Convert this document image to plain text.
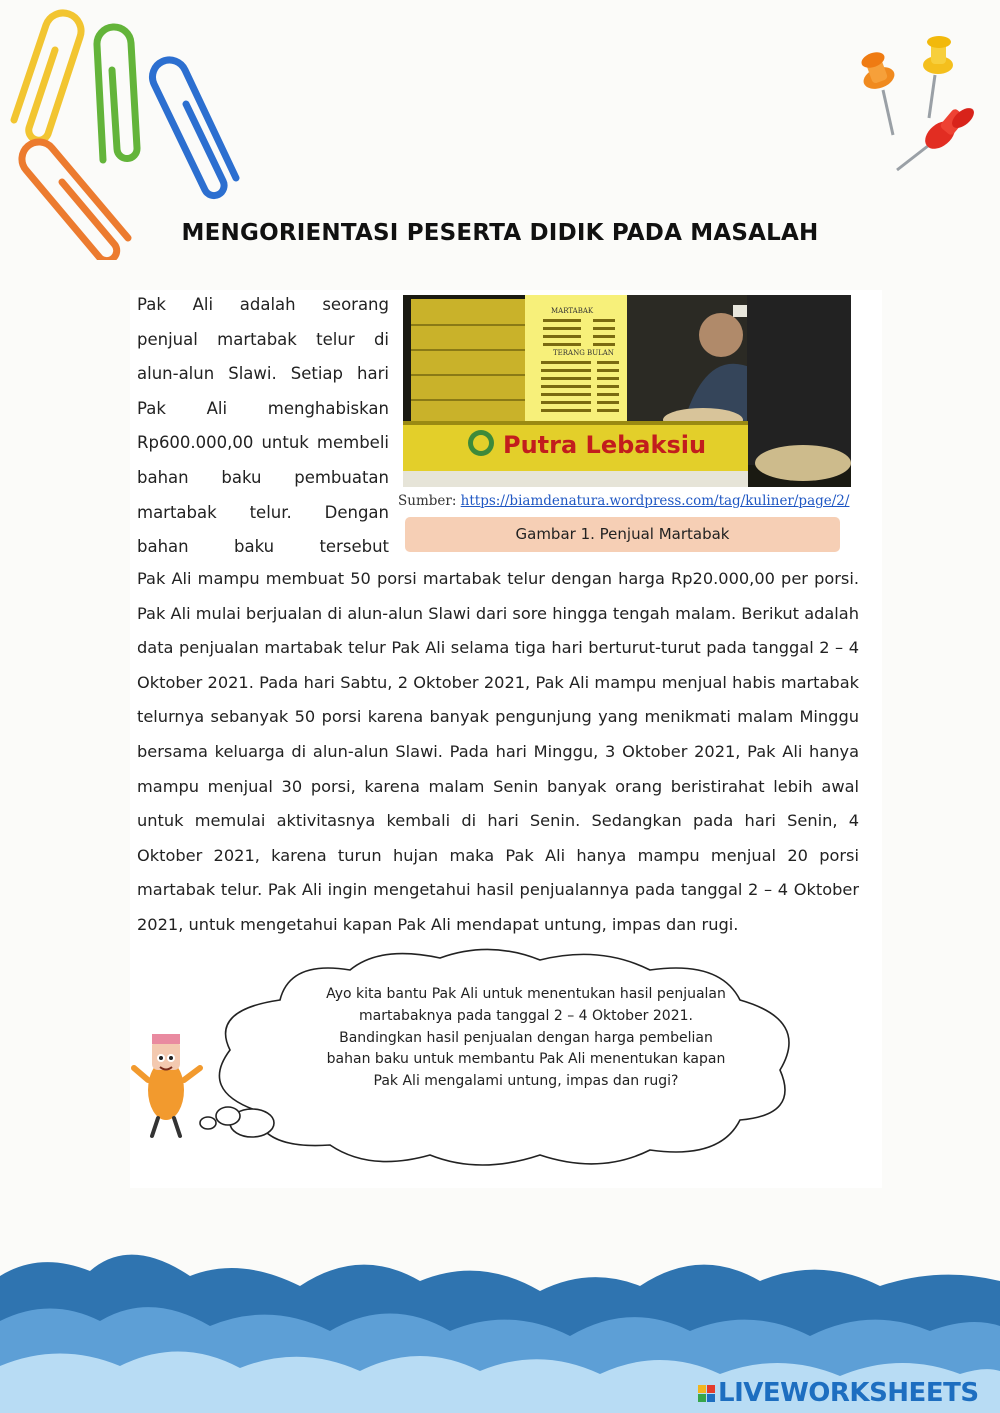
MENGORIENTASI PESERTA DIDIK PADA MASALAH

Pak Ali adalah seorang penjual martabak telur di alun-alun Slawi. Setiap hari Pak Ali menghabiskan Rp600.000,00 untuk membeli bahan baku pembuatan martabak telur. Dengan bahan baku tersebut

MARTABAK
TERANG BULAN
Putra Lebaksiu
Sumber: https://biamdenatura.wordpress.com/tag/kuliner/page/2/
Gambar 1. Penjual Martabak

Pak Ali mampu membuat 50 porsi martabak telur dengan harga Rp20.000,00 per porsi. Pak Ali mulai berjualan di alun-alun Slawi dari sore hingga tengah malam. Berikut adalah data penjualan martabak telur Pak Ali selama tiga hari berturut-turut pada tanggal 2 – 4 Oktober 2021. Pada hari Sabtu, 2 Oktober 2021, Pak Ali mampu menjual habis martabak telurnya sebanyak 50 porsi karena banyak pengunjung yang menikmati malam Minggu bersama keluarga di alun-alun Slawi. Pada hari Minggu, 3 Oktober 2021, Pak Ali hanya mampu menjual 30 porsi, karena malam Senin banyak orang beristirahat lebih awal untuk memulai aktivitasnya kembali di hari Senin. Sedangkan pada hari Senin, 4 Oktober 2021, karena turun hujan maka Pak Ali hanya mampu menjual 20 porsi martabak telur. Pak Ali ingin mengetahui hasil penjualannya pada tanggal 2 – 4 Oktober 2021, untuk mengetahui kapan Pak Ali mendapat untung, impas dan rugi.

Ayo kita bantu Pak Ali untuk menentukan hasil penjualan martabaknya pada tanggal 2 – 4 Oktober 2021. Bandingkan hasil penjualan dengan harga pembelian bahan baku untuk membantu Pak Ali menentukan kapan Pak Ali mengalami untung, impas dan rugi?

LIVEWORKSHEETS
